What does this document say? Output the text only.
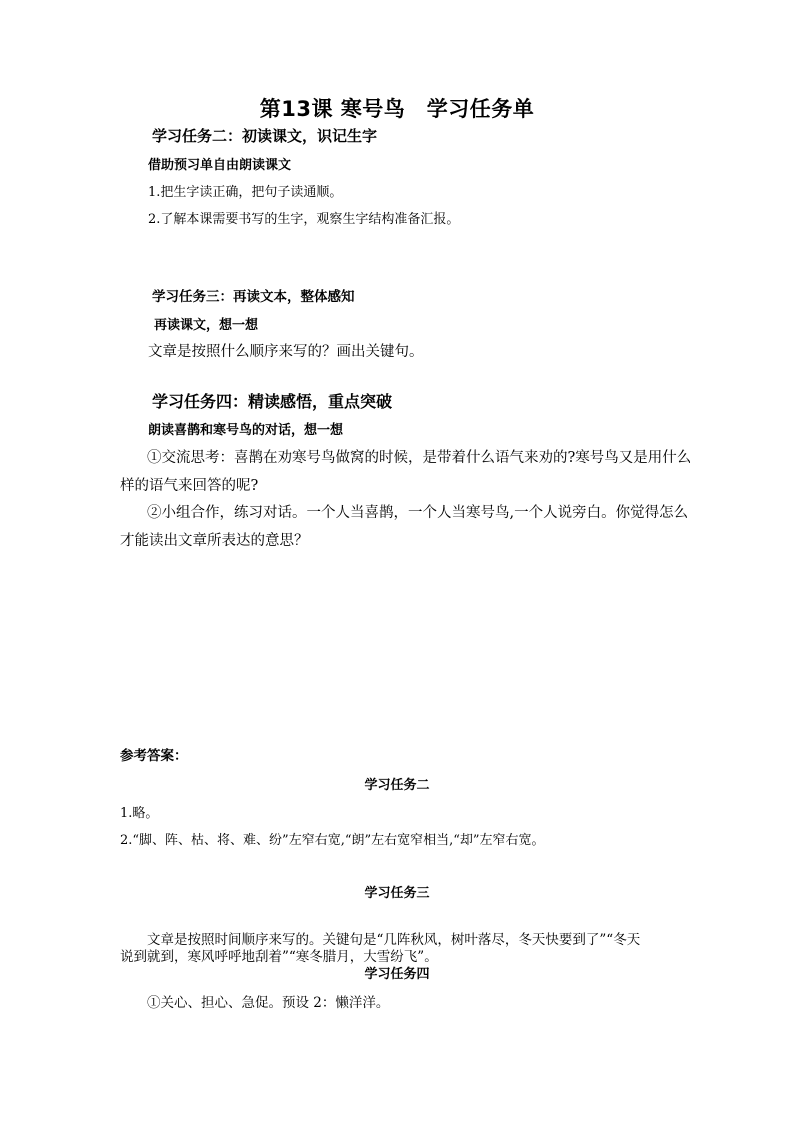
第13课 寒号鸟　学习任务单
学习任务二：初读课文，识记生字
借助预习单自由朗读课文
1.把生字读正确，把句子读通顺。
2.了解本课需要书写的生字，观察生字结构准备汇报。
学习任务三：再读文本，整体感知
再读课文，想一想
文章是按照什么顺序来写的？画出关键句。
学习任务四：精读感悟，重点突破
朗读喜鹊和寒号鸟的对话，想一想
①交流思考：喜鹊在劝寒号鸟做窝的时候，是带着什么语气来劝的?寒号鸟又是用什么
样的语气来回答的呢?
②小组合作，练习对话。一个人当喜鹊，一个人当寒号鸟,一个人说旁白。你觉得怎么
才能读出文章所表达的意思？
参考答案：
学习任务二
1.略。
2.“脚、阵、枯、将、难、纷”左窄右宽,“朗”左右宽窄相当,“却”左窄右宽。
学习任务三
文章是按照时间顺序来写的。关键句是“几阵秋风，树叶落尽，冬天快要到了”“冬天
说到就到，寒风呼呼地刮着”“寒冬腊月，大雪纷飞”。
学习任务四
①关心、担心、急促。预设 2：懒洋洋。
